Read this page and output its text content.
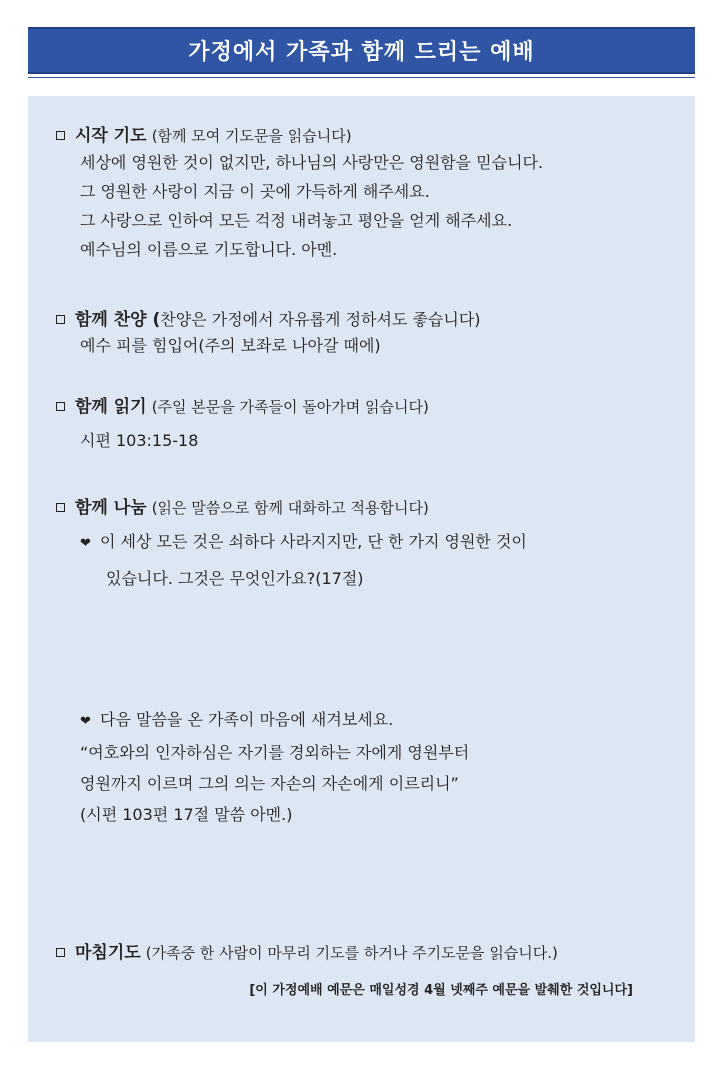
가정에서 가족과 함께 드리는 예배
시작 기도 (함께 모여 기도문을 읽습니다)
세상에 영원한 것이 없지만, 하나님의 사랑만은 영원함을 믿습니다.
그 영원한 사랑이 지금 이 곳에 가득하게 해주세요.
그 사랑으로 인하여 모든 걱정 내려놓고 평안을 얻게 해주세요.
예수님의 이름으로 기도합니다. 아멘.
함께 찬양 (찬양은 가정에서 자유롭게 정하셔도 좋습니다)
예수 피를 힘입어(주의 보좌로 나아갈 때에)
함께 읽기 (주일 본문을 가족들이 돌아가며 읽습니다)
시편 103:15-18
함께 나눔 (읽은 말씀으로 함께 대화하고 적용합니다)
❤ 이 세상 모든 것은 쇠하다 사라지지만, 단 한 가지 영원한 것이
있습니다. 그것은 무엇인가요?(17절)
❤ 다음 말씀을 온 가족이 마음에 새겨보세요.
“여호와의 인자하심은 자기를 경외하는 자에게 영원부터
영원까지 이르며 그의 의는 자손의 자손에게 이르리니”
(시편 103편 17절 말씀 아멘.)
마침기도 (가족중 한 사람이 마무리 기도를 하거나 주기도문을 읽습니다.)
[이 가정예배 예문은 매일성경 4월 넷째주 예문을 발췌한 것입니다]
